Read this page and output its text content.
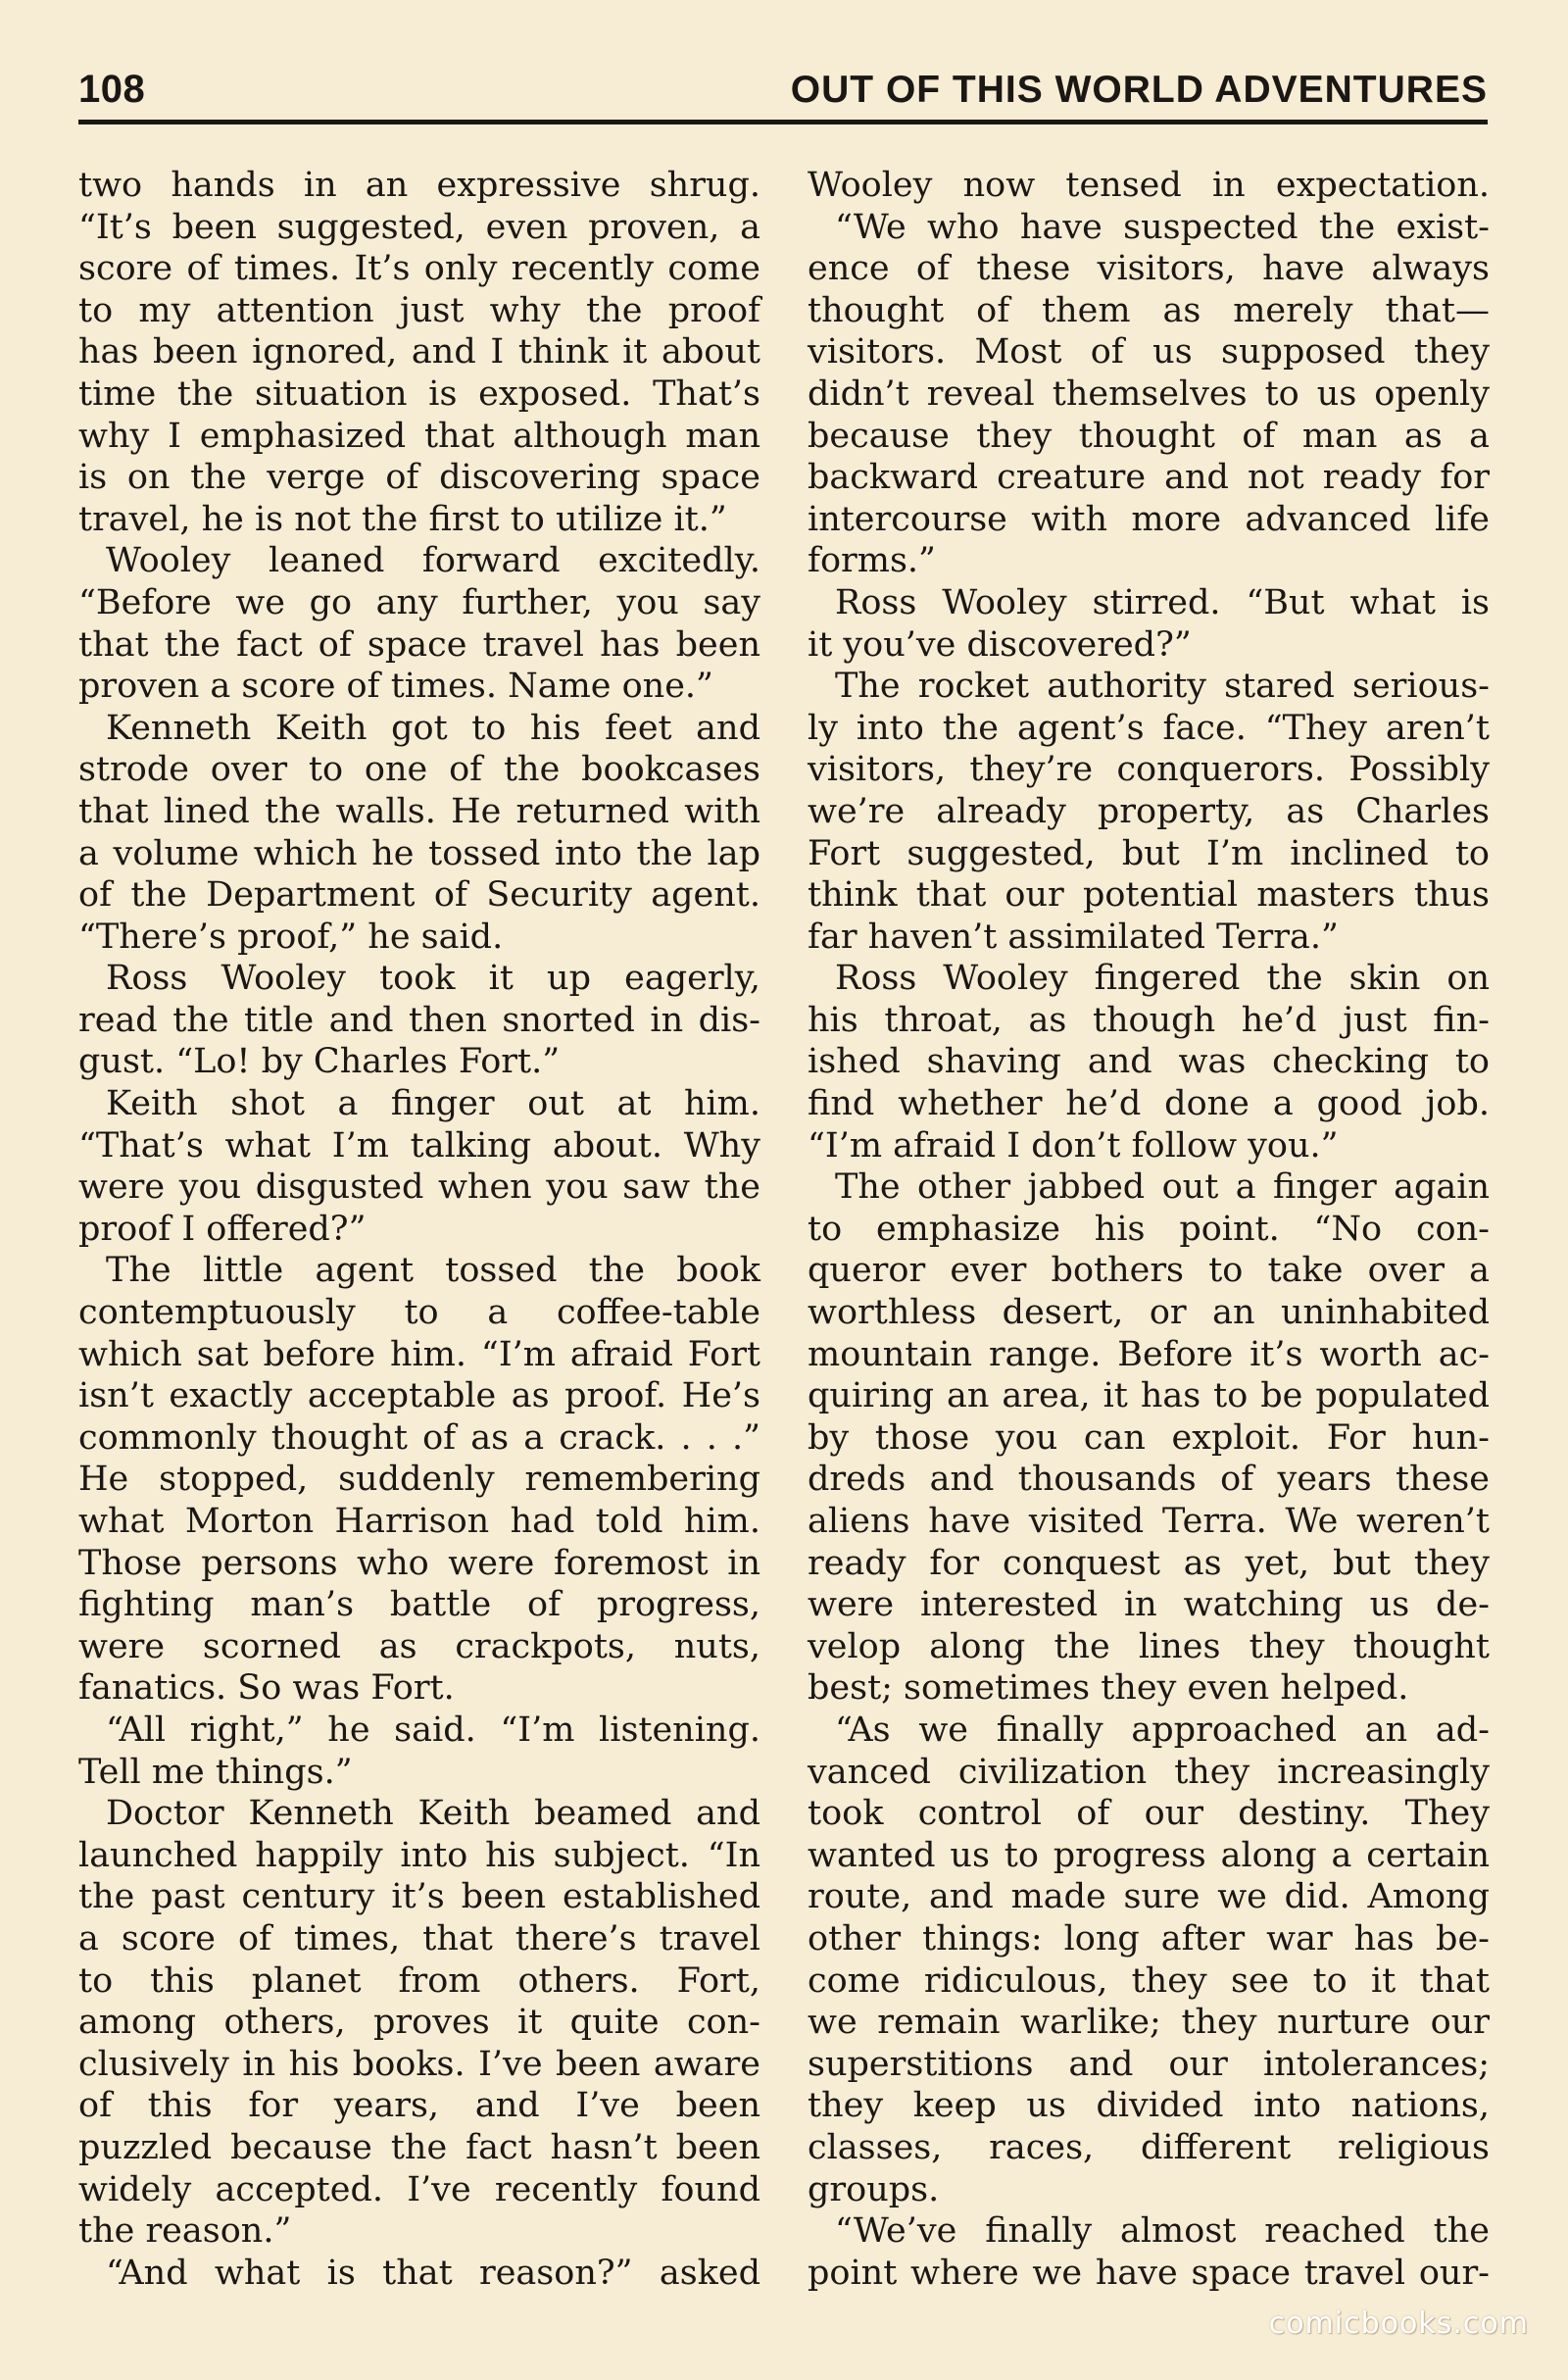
108	OUT OF THIS WORLD ADVENTURES
two hands in an expressive shrug.
“It’s been suggested, even proven, a
score of times. It’s only recently come
to my attention just why the proof
has been ignored, and I think it about
time the situation is exposed. That’s
why I emphasized that although man
is on the verge of discovering space
travel, he is not the first to utilize it.”
Wooley leaned forward excitedly.
“Before we go any further, you say
that the fact of space travel has been
proven a score of times. Name one.”
Kenneth Keith got to his feet and
strode over to one of the bookcases
that lined the walls. He returned with
a volume which he tossed into the lap
of the Department of Security agent.
“There’s proof,” he said.
Ross Wooley took it up eagerly,
read the title and then snorted in dis-
gust. “Lo! by Charles Fort.”
Keith shot a finger out at him.
“That’s what I’m talking about. Why
were you disgusted when you saw the
proof I offered?”
The little agent tossed the book
contemptuously to a coffee-table
which sat before him. “I’m afraid Fort
isn’t exactly acceptable as proof. He’s
commonly thought of as a crack. . . .”
He stopped, suddenly remembering
what Morton Harrison had told him.
Those persons who were foremost in
fighting man’s battle of progress,
were scorned as crackpots, nuts,
fanatics. So was Fort.
“All right,” he said. “I’m listening.
Tell me things.”
Doctor Kenneth Keith beamed and
launched happily into his subject. “In
the past century it’s been established
a score of times, that there’s travel
to this planet from others. Fort,
among others, proves it quite con-
clusively in his books. I’ve been aware
of this for years, and I’ve been
puzzled because the fact hasn’t been
widely accepted. I’ve recently found
the reason.”
“And what is that reason?” asked
Wooley now tensed in expectation.
“We who have suspected the exist-
ence of these visitors, have always
thought of them as merely that—
visitors. Most of us supposed they
didn’t reveal themselves to us openly
because they thought of man as a
backward creature and not ready for
intercourse with more advanced life
forms.”
Ross Wooley stirred. “But what is
it you’ve discovered?”
The rocket authority stared serious-
ly into the agent’s face. “They aren’t
visitors, they’re conquerors. Possibly
we’re already property, as Charles
Fort suggested, but I’m inclined to
think that our potential masters thus
far haven’t assimilated Terra.”
Ross Wooley fingered the skin on
his throat, as though he’d just fin-
ished shaving and was checking to
find whether he’d done a good job.
“I’m afraid I don’t follow you.”
The other jabbed out a finger again
to emphasize his point. “No con-
queror ever bothers to take over a
worthless desert, or an uninhabited
mountain range. Before it’s worth ac-
quiring an area, it has to be populated
by those you can exploit. For hun-
dreds and thousands of years these
aliens have visited Terra. We weren’t
ready for conquest as yet, but they
were interested in watching us de-
velop along the lines they thought
best; sometimes they even helped.
“As we finally approached an ad-
vanced civilization they increasingly
took control of our destiny. They
wanted us to progress along a certain
route, and made sure we did. Among
other things: long after war has be-
come ridiculous, they see to it that
we remain warlike; they nurture our
superstitions and our intolerances;
they keep us divided into nations,
classes, races, different religious
groups.
“We’ve finally almost reached the
point where we have space travel our-
comicbooks.com
